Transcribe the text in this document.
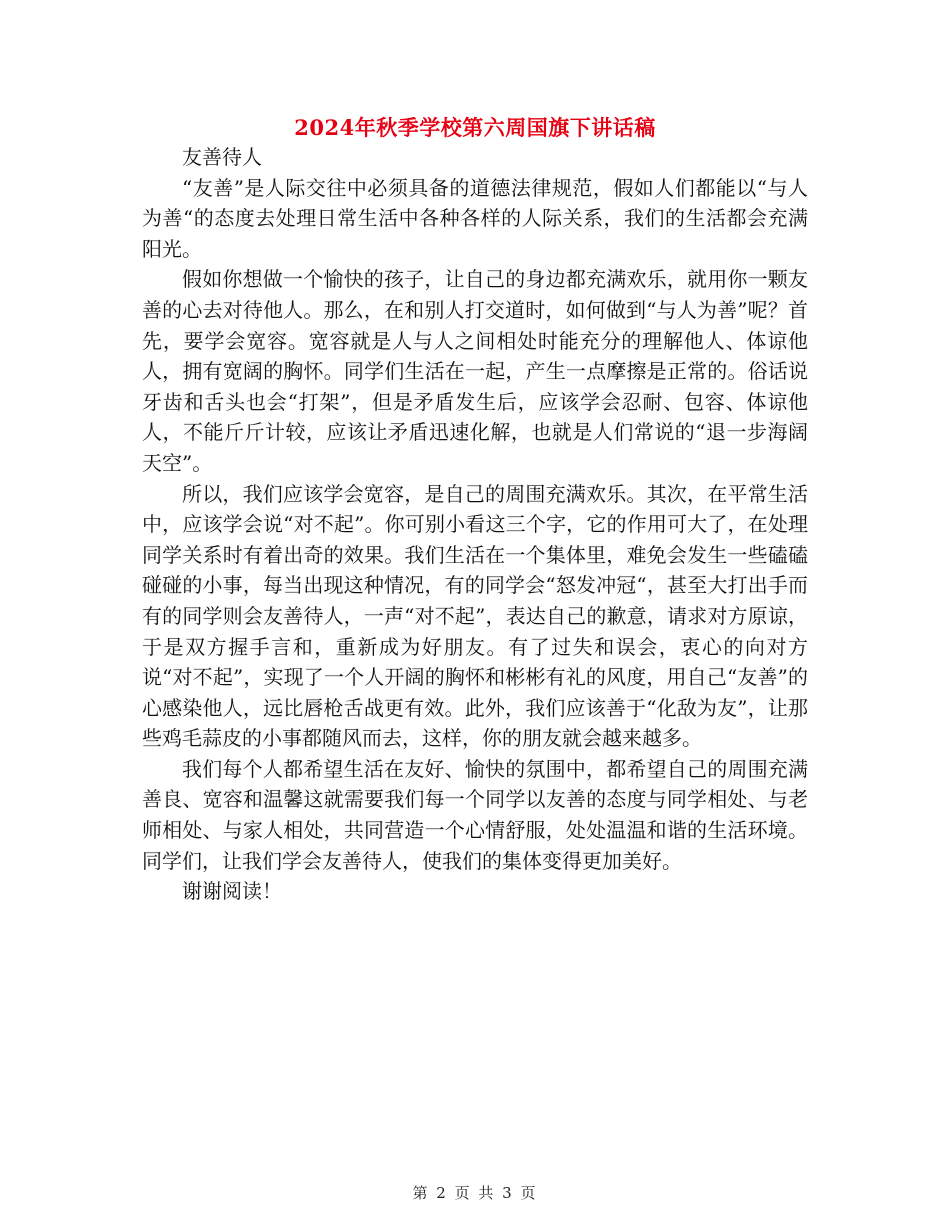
2024年秋季学校第六周国旗下讲话稿

友善待人

“友善”是人际交往中必须具备的道德法律规范，假如人们都能以“与人为善“的态度去处理日常生活中各种各样的人际关系，我们的生活都会充满阳光。

假如你想做一个愉快的孩子，让自己的身边都充满欢乐，就用你一颗友善的心去对待他人。那么，在和别人打交道时，如何做到“与人为善”呢？首先，要学会宽容。宽容就是人与人之间相处时能充分的理解他人、体谅他人，拥有宽阔的胸怀。同学们生活在一起，产生一点摩擦是正常的。俗话说牙齿和舌头也会“打架”，但是矛盾发生后，应该学会忍耐、包容、体谅他人，不能斤斤计较，应该让矛盾迅速化解，也就是人们常说的“退一步海阔天空”。

所以，我们应该学会宽容，是自己的周围充满欢乐。其次，在平常生活中，应该学会说“对不起”。你可别小看这三个字，它的作用可大了，在处理同学关系时有着出奇的效果。我们生活在一个集体里，难免会发生一些磕磕碰碰的小事，每当出现这种情况，有的同学会“怒发冲冠“，甚至大打出手而有的同学则会友善待人，一声“对不起”，表达自己的歉意，请求对方原谅，于是双方握手言和，重新成为好朋友。有了过失和误会，衷心的向对方说“对不起”，实现了一个人开阔的胸怀和彬彬有礼的风度，用自己“友善”的心感染他人，远比唇枪舌战更有效。此外，我们应该善于“化敌为友”，让那些鸡毛蒜皮的小事都随风而去，这样，你的朋友就会越来越多。

我们每个人都希望生活在友好、愉快的氛围中，都希望自己的周围充满善良、宽容和温馨这就需要我们每一个同学以友善的态度与同学相处、与老师相处、与家人相处，共同营造一个心情舒服，处处温温和谐的生活环境。同学们，让我们学会友善待人，使我们的集体变得更加美好。

谢谢阅读！

第 2 页 共 3 页
